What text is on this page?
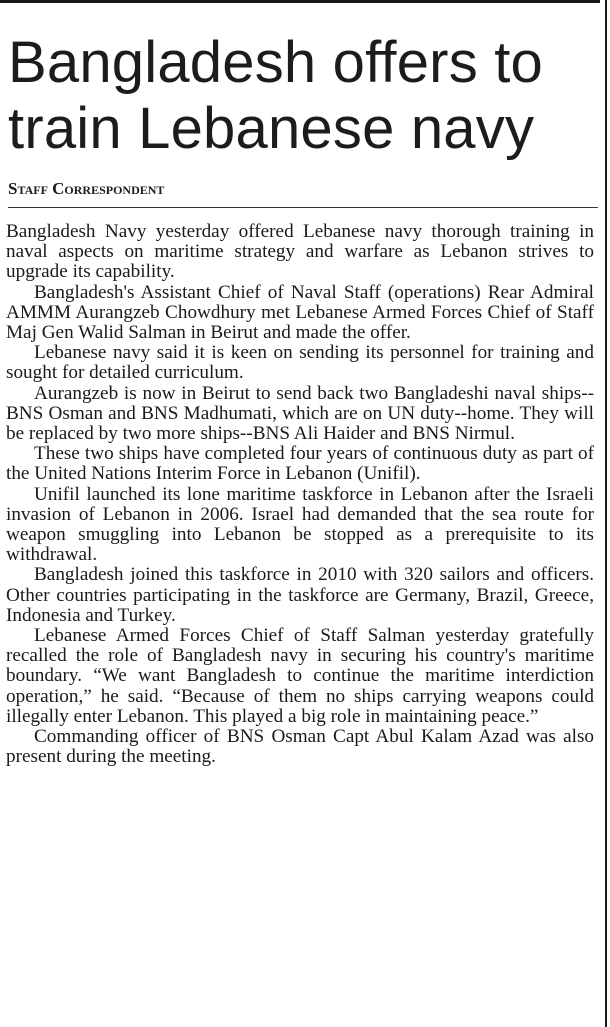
Bangladesh offers to train Lebanese navy
Staff Correspondent

Bangladesh Navy yesterday offered Lebanese navy thorough training in naval aspects on maritime strategy and warfare as Lebanon strives to upgrade its capability.

Bangladesh's Assistant Chief of Naval Staff (operations) Rear Admiral AMMM Aurangzeb Chowdhury met Lebanese Armed Forces Chief of Staff Maj Gen Walid Salman in Beirut and made the offer.

Lebanese navy said it is keen on sending its personnel for training and sought for detailed curriculum.

Aurangzeb is now in Beirut to send back two Bangladeshi naval ships--BNS Osman and BNS Madhumati, which are on UN duty--home. They will be replaced by two more ships--BNS Ali Haider and BNS Nirmul.

These two ships have completed four years of continuous duty as part of the United Nations Interim Force in Lebanon (Unifil).

Unifil launched its lone maritime taskforce in Lebanon after the Israeli invasion of Lebanon in 2006. Israel had demanded that the sea route for weapon smuggling into Lebanon be stopped as a prerequisite to its withdrawal.

Bangladesh joined this taskforce in 2010 with 320 sailors and officers. Other countries participating in the taskforce are Germany, Brazil, Greece, Indonesia and Turkey.

Lebanese Armed Forces Chief of Staff Salman yesterday gratefully recalled the role of Bangladesh navy in securing his country's maritime boundary. “We want Bangladesh to continue the maritime interdiction operation,” he said. “Because of them no ships carrying weapons could illegally enter Lebanon. This played a big role in maintaining peace.”

Commanding officer of BNS Osman Capt Abul Kalam Azad was also present during the meeting.
